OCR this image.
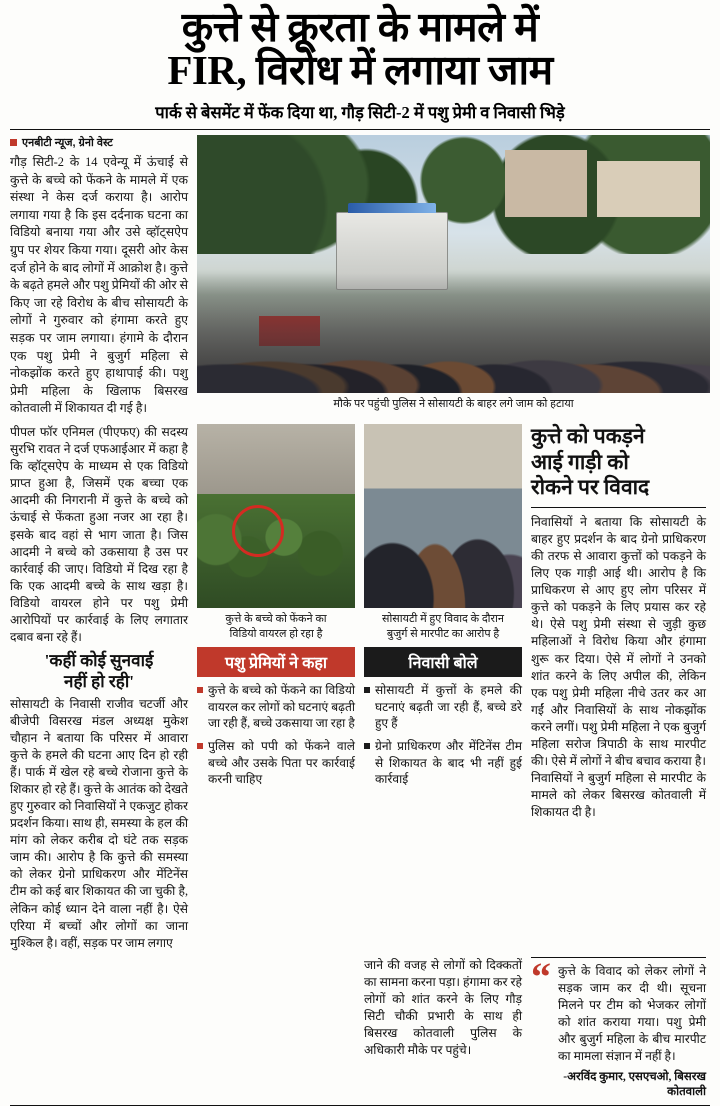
कुत्ते से क्रूरता के मामले में
FIR, विरोध में लगाया जाम
पार्क से बेसमेंट में फेंक दिया था, गौड़ सिटी-2 में पशु प्रेमी व निवासी भिड़े
एनबीटी न्यूज, ग्रेनो वेस्ट
गौड़ सिटी-2 के 14 एवेन्यू में ऊंचाई से कुत्ते के बच्चे को फेंकने के मामले में एक संस्था ने केस दर्ज कराया है। आरोप लगाया गया है कि इस दर्दनाक घटना का विडियो बनाया गया और उसे व्हॉट्सऐप ग्रुप पर शेयर किया गया। दूसरी ओर केस दर्ज होने के बाद लोगों में आक्रोश है। कुत्ते के बढ़ते हमले और पशु प्रेमियों की ओर से किए जा रहे विरोध के बीच सोसायटी के लोगों ने गुरुवार को हंगामा करते हुए सड़क पर जाम लगाया। हंगामे के दौरान एक पशु प्रेमी ने बुजुर्ग महिला से नोकझोंक करते हुए हाथापाई की। पशु प्रेमी महिला के खिलाफ बिसरख कोतवाली में शिकायत दी गई है।	मौके पर पहुंची पुलिस ने सोसायटी के बाहर लगे जाम को हटाया
पीपल फॉर एनिमल (पीएफए) की सदस्य सुरभि रावत ने दर्ज एफआईआर में कहा है कि व्हॉट्सऐप के माध्यम से एक विडियो प्राप्त हुआ है, जिसमें एक बच्चा एक आदमी की निगरानी में कुत्ते के बच्चे को ऊंचाई से फेंकता हुआ नजर आ रहा है। इसके बाद वहां से भाग जाता है। जिस आदमी ने बच्चे को उकसाया है उस पर कार्रवाई की जाए। विडियो में दिख रहा है कि एक आदमी बच्चे के साथ खड़ा है। विडियो वायरल होने पर पशु प्रेमी आरोपियों पर कार्रवाई के लिए लगातार दबाव बना रहे हैं।
'कहीं कोई सुनवाई
नहीं हो रही'
सोसायटी के निवासी राजीव चटर्जी और बीजेपी विसरख मंडल अध्यक्ष मुकेश चौहान ने बताया कि परिसर में आवारा कुत्ते के हमले की घटना आए दिन हो रही हैं। पार्क में खेल रहे बच्चे रोजाना कुत्ते के शिकार हो रहे हैं। कुत्ते के आतंक को देखते हुए गुरुवार को निवासियों ने एकजुट होकर प्रदर्शन किया। साथ ही, समस्या के हल की मांग को लेकर करीब दो घंटे तक सड़क जाम की। आरोप है कि कुत्ते की समस्या को लेकर ग्रेनो प्राधिकरण और मेंटिनेंस टीम को कई बार शिकायत की जा चुकी है, लेकिन कोई ध्यान देने वाला नहीं है। ऐसे एरिया में बच्चों और लोगों का जाना मुश्किल है। वहीं, सड़क पर जाम लगाए
कुत्ते के बच्चे को फेंकने का
विडियो वायरल हो रहा है
पशु प्रेमियों ने कहा
कुत्ते के बच्चे को फेंकने का विडियो वायरल कर लोगों को घटनाएं बढ़ती जा रही हैं, बच्चे उकसाया जा रहा है
पुलिस को पपी को फेंकने वाले बच्चे और उसके पिता पर कार्रवाई करनी चाहिए
सोसायटी में हुए विवाद के दौरान
बुजुर्ग से मारपीट का आरोप है
निवासी बोले
सोसायटी में कुत्तों के हमले की घटनाएं बढ़ती जा रही हैं, बच्चे डरे हुए हैं
ग्रेनो प्राधिकरण और मेंटिनेंस टीम से शिकायत के बाद भी नहीं हुई कार्रवाई
कुत्ते को पकड़ने
आई गाड़ी को
रोकने पर विवाद
निवासियों ने बताया कि सोसायटी के बाहर हुए प्रदर्शन के बाद ग्रेनो प्राधिकरण की तरफ से आवारा कुत्तों को पकड़ने के लिए एक गाड़ी आई थी। आरोप है कि प्राधिकरण से आए हुए लोग परिसर में कुत्ते को पकड़ने के लिए प्रयास कर रहे थे। ऐसे पशु प्रेमी संस्था से जुड़ी कुछ महिलाओं ने विरोध किया और हंगामा शुरू कर दिया। ऐसे में लोगों ने उनको शांत करने के लिए अपील की, लेकिन एक पशु प्रेमी महिला नीचे उतर कर आ गईं और निवासियों के साथ नोकझोंक करने लगीं। पशु प्रेमी महिला ने एक बुजुर्ग महिला सरोज त्रिपाठी के साथ मारपीट की। ऐसे में लोगों ने बीच बचाव कराया है। निवासियों ने बुजुर्ग महिला से मारपीट के मामले को लेकर बिसरख कोतवाली में शिकायत दी है।
जाने की वजह से लोगों को दिक्कतों का सामना करना पड़ा। हंगामा कर रहे लोगों को शांत करने के लिए गौड़ सिटी चौकी प्रभारी के साथ ही बिसरख कोतवाली पुलिस के अधिकारी मौके पर पहुंचे।
“ कुत्ते के विवाद को लेकर लोगों ने सड़क जाम कर दी थी। सूचना मिलने पर टीम को भेजकर लोगों को शांत कराया गया। पशु प्रेमी और बुजुर्ग महिला के बीच मारपीट का मामला संज्ञान में नहीं है।
-अरविंद कुमार, एसएचओ, बिसरख कोतवाली
